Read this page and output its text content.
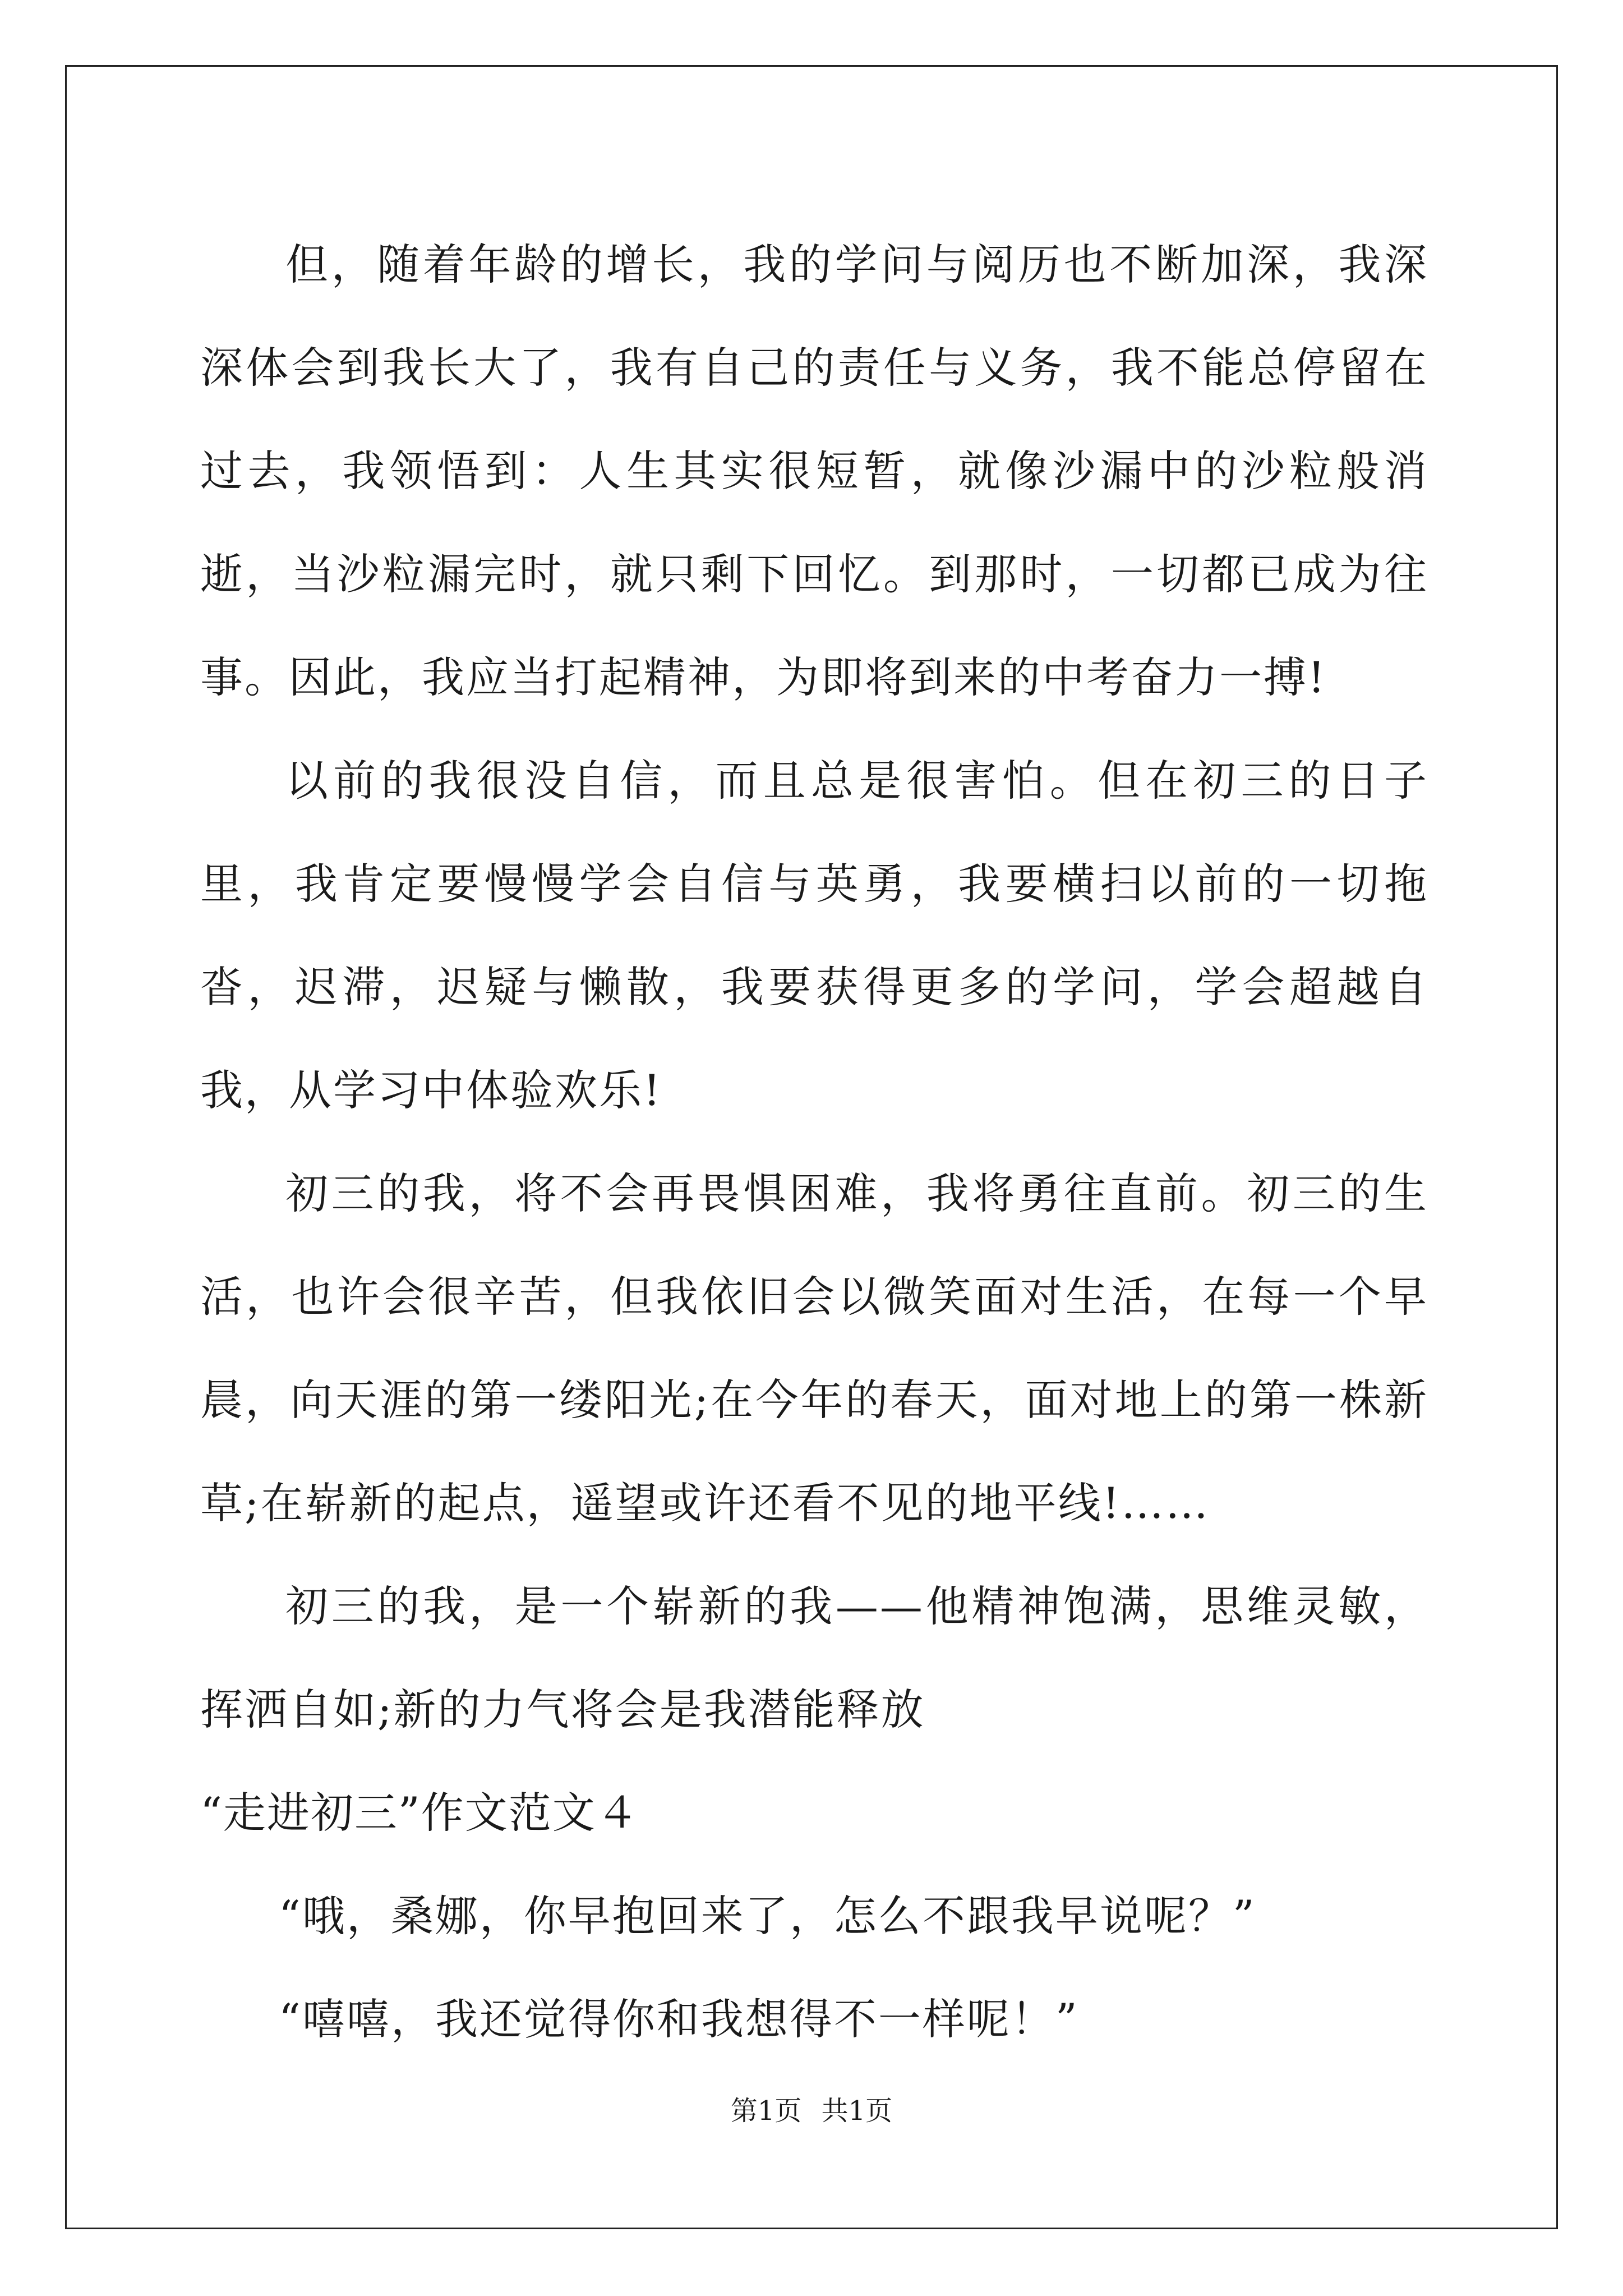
但，随着年龄的增长，我的学问与阅历也不断加深，我深深体会到我长大了，我有自己的责任与义务，我不能总停留在过去，我领悟到：人生其实很短暂，就像沙漏中的沙粒般消逝，当沙粒漏完时，就只剩下回忆。到那时，一切都已成为往事。因此，我应当打起精神，为即将到来的中考奋力一搏!

以前的我很没自信，而且总是很害怕。但在初三的日子里，我肯定要慢慢学会自信与英勇，我要横扫以前的一切拖沓，迟滞，迟疑与懒散，我要获得更多的学问，学会超越自我，从学习中体验欢乐!

初三的我，将不会再畏惧困难，我将勇往直前。初三的生活，也许会很辛苦，但我依旧会以微笑面对生活，在每一个早晨，向天涯的第一缕阳光;在今年的春天，面对地上的第一株新草;在崭新的起点，遥望或许还看不见的地平线!……

初三的我，是一个崭新的我——他精神饱满，思维灵敏，挥洒自如;新的力气将会是我潜能释放

“走进初三”作文范文４

“哦，桑娜，你早抱回来了，怎么不跟我早说呢？”

“嘻嘻，我还觉得你和我想得不一样呢！”

第1页 共1页
